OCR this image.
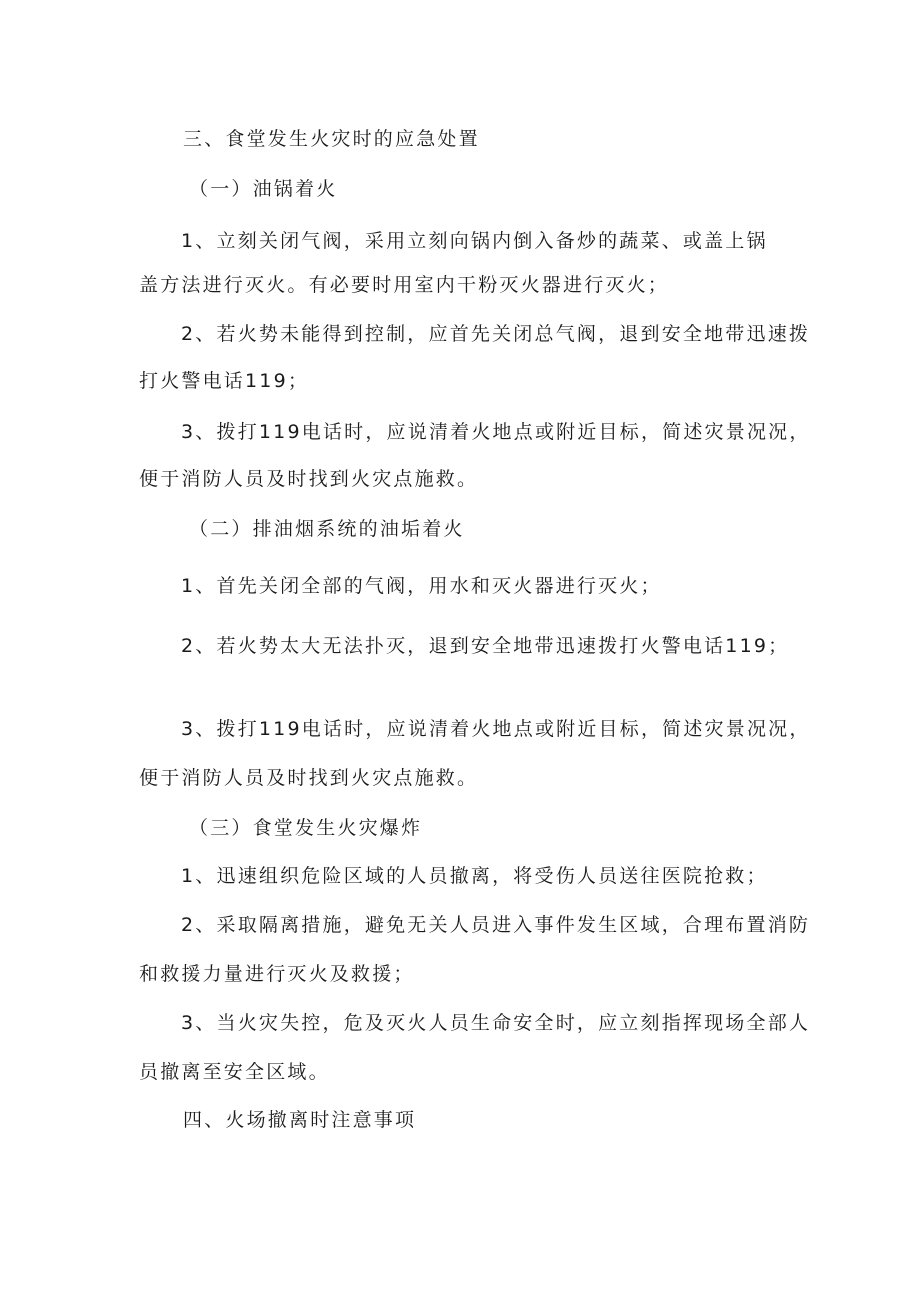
三、食堂发生火灾时的应急处置
（一）油锅着火
1、立刻关闭气阀，采用立刻向锅内倒入备炒的蔬菜、或盖上锅
盖方法进行灭火。有必要时用室内干粉灭火器进行灭火；
2、若火势未能得到控制，应首先关闭总气阀，退到安全地带迅速拨
打火警电话119；
3、拨打119电话时，应说清着火地点或附近目标，简述灾景况况，
便于消防人员及时找到火灾点施救。
（二）排油烟系统的油垢着火
1、首先关闭全部的气阀，用水和灭火器进行灭火；
2、若火势太大无法扑灭，退到安全地带迅速拨打火警电话119；
3、拨打119电话时，应说清着火地点或附近目标，简述灾景况况，
便于消防人员及时找到火灾点施救。
（三）食堂发生火灾爆炸
1、迅速组织危险区域的人员撤离，将受伤人员送往医院抢救；
2、采取隔离措施，避免无关人员进入事件发生区域，合理布置消防
和救援力量进行灭火及救援；
3、当火灾失控，危及灭火人员生命安全时，应立刻指挥现场全部人
员撤离至安全区域。
四、火场撤离时注意事项
